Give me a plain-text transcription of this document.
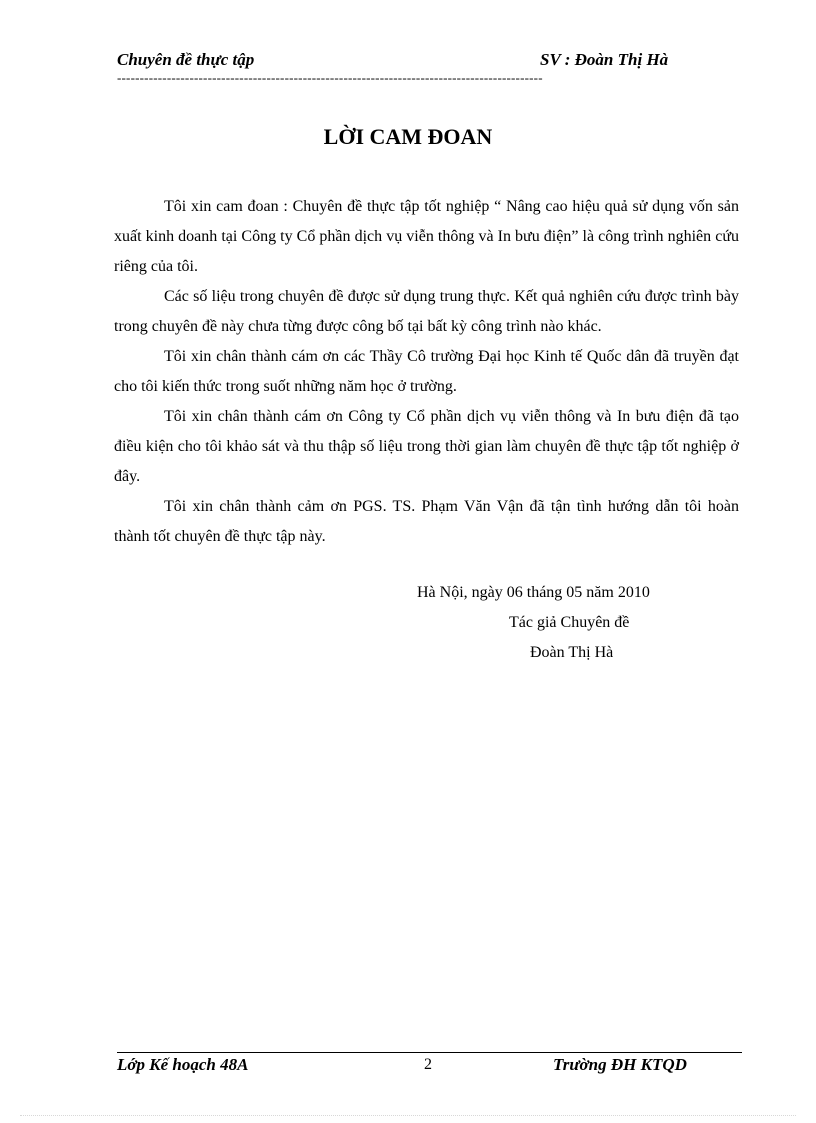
Chuyên đề thực tập	SV : Đoàn Thị Hà
----------------------------------------------------------------------------------------------
LỜI CAM ĐOAN

Tôi xin cam đoan : Chuyên đề thực tập tốt nghiệp “ Nâng cao hiệu quả sử dụng vốn sản xuất kinh doanh tại Công ty Cổ phần dịch vụ viễn thông và In bưu điện” là công trình nghiên cứu riêng của tôi.

Các số liệu trong chuyên đề được sử dụng trung thực. Kết quả nghiên cứu được trình bày trong chuyên đề này chưa từng được công bố tại bất kỳ công trình nào khác.

Tôi xin chân thành cám ơn các Thầy Cô trường Đại học Kinh tế Quốc dân đã truyền đạt cho tôi kiến thức trong suốt những năm học ở trường.

Tôi xin chân thành cám ơn Công ty Cổ phần dịch vụ viễn thông và In bưu điện đã tạo điều kiện cho tôi khảo sát và thu thập số liệu trong thời gian làm chuyên đề thực tập tốt nghiệp ở đây.

Tôi xin chân thành cảm ơn PGS. TS. Phạm Văn Vận đã tận tình hướng dẫn tôi hoàn thành tốt chuyên đề thực tập này.

Hà Nội, ngày 06 tháng 05 năm 2010
Tác giả Chuyên đề
Đoàn Thị Hà
Lớp Kế hoạch 48A	2	Trường ĐH KTQD
